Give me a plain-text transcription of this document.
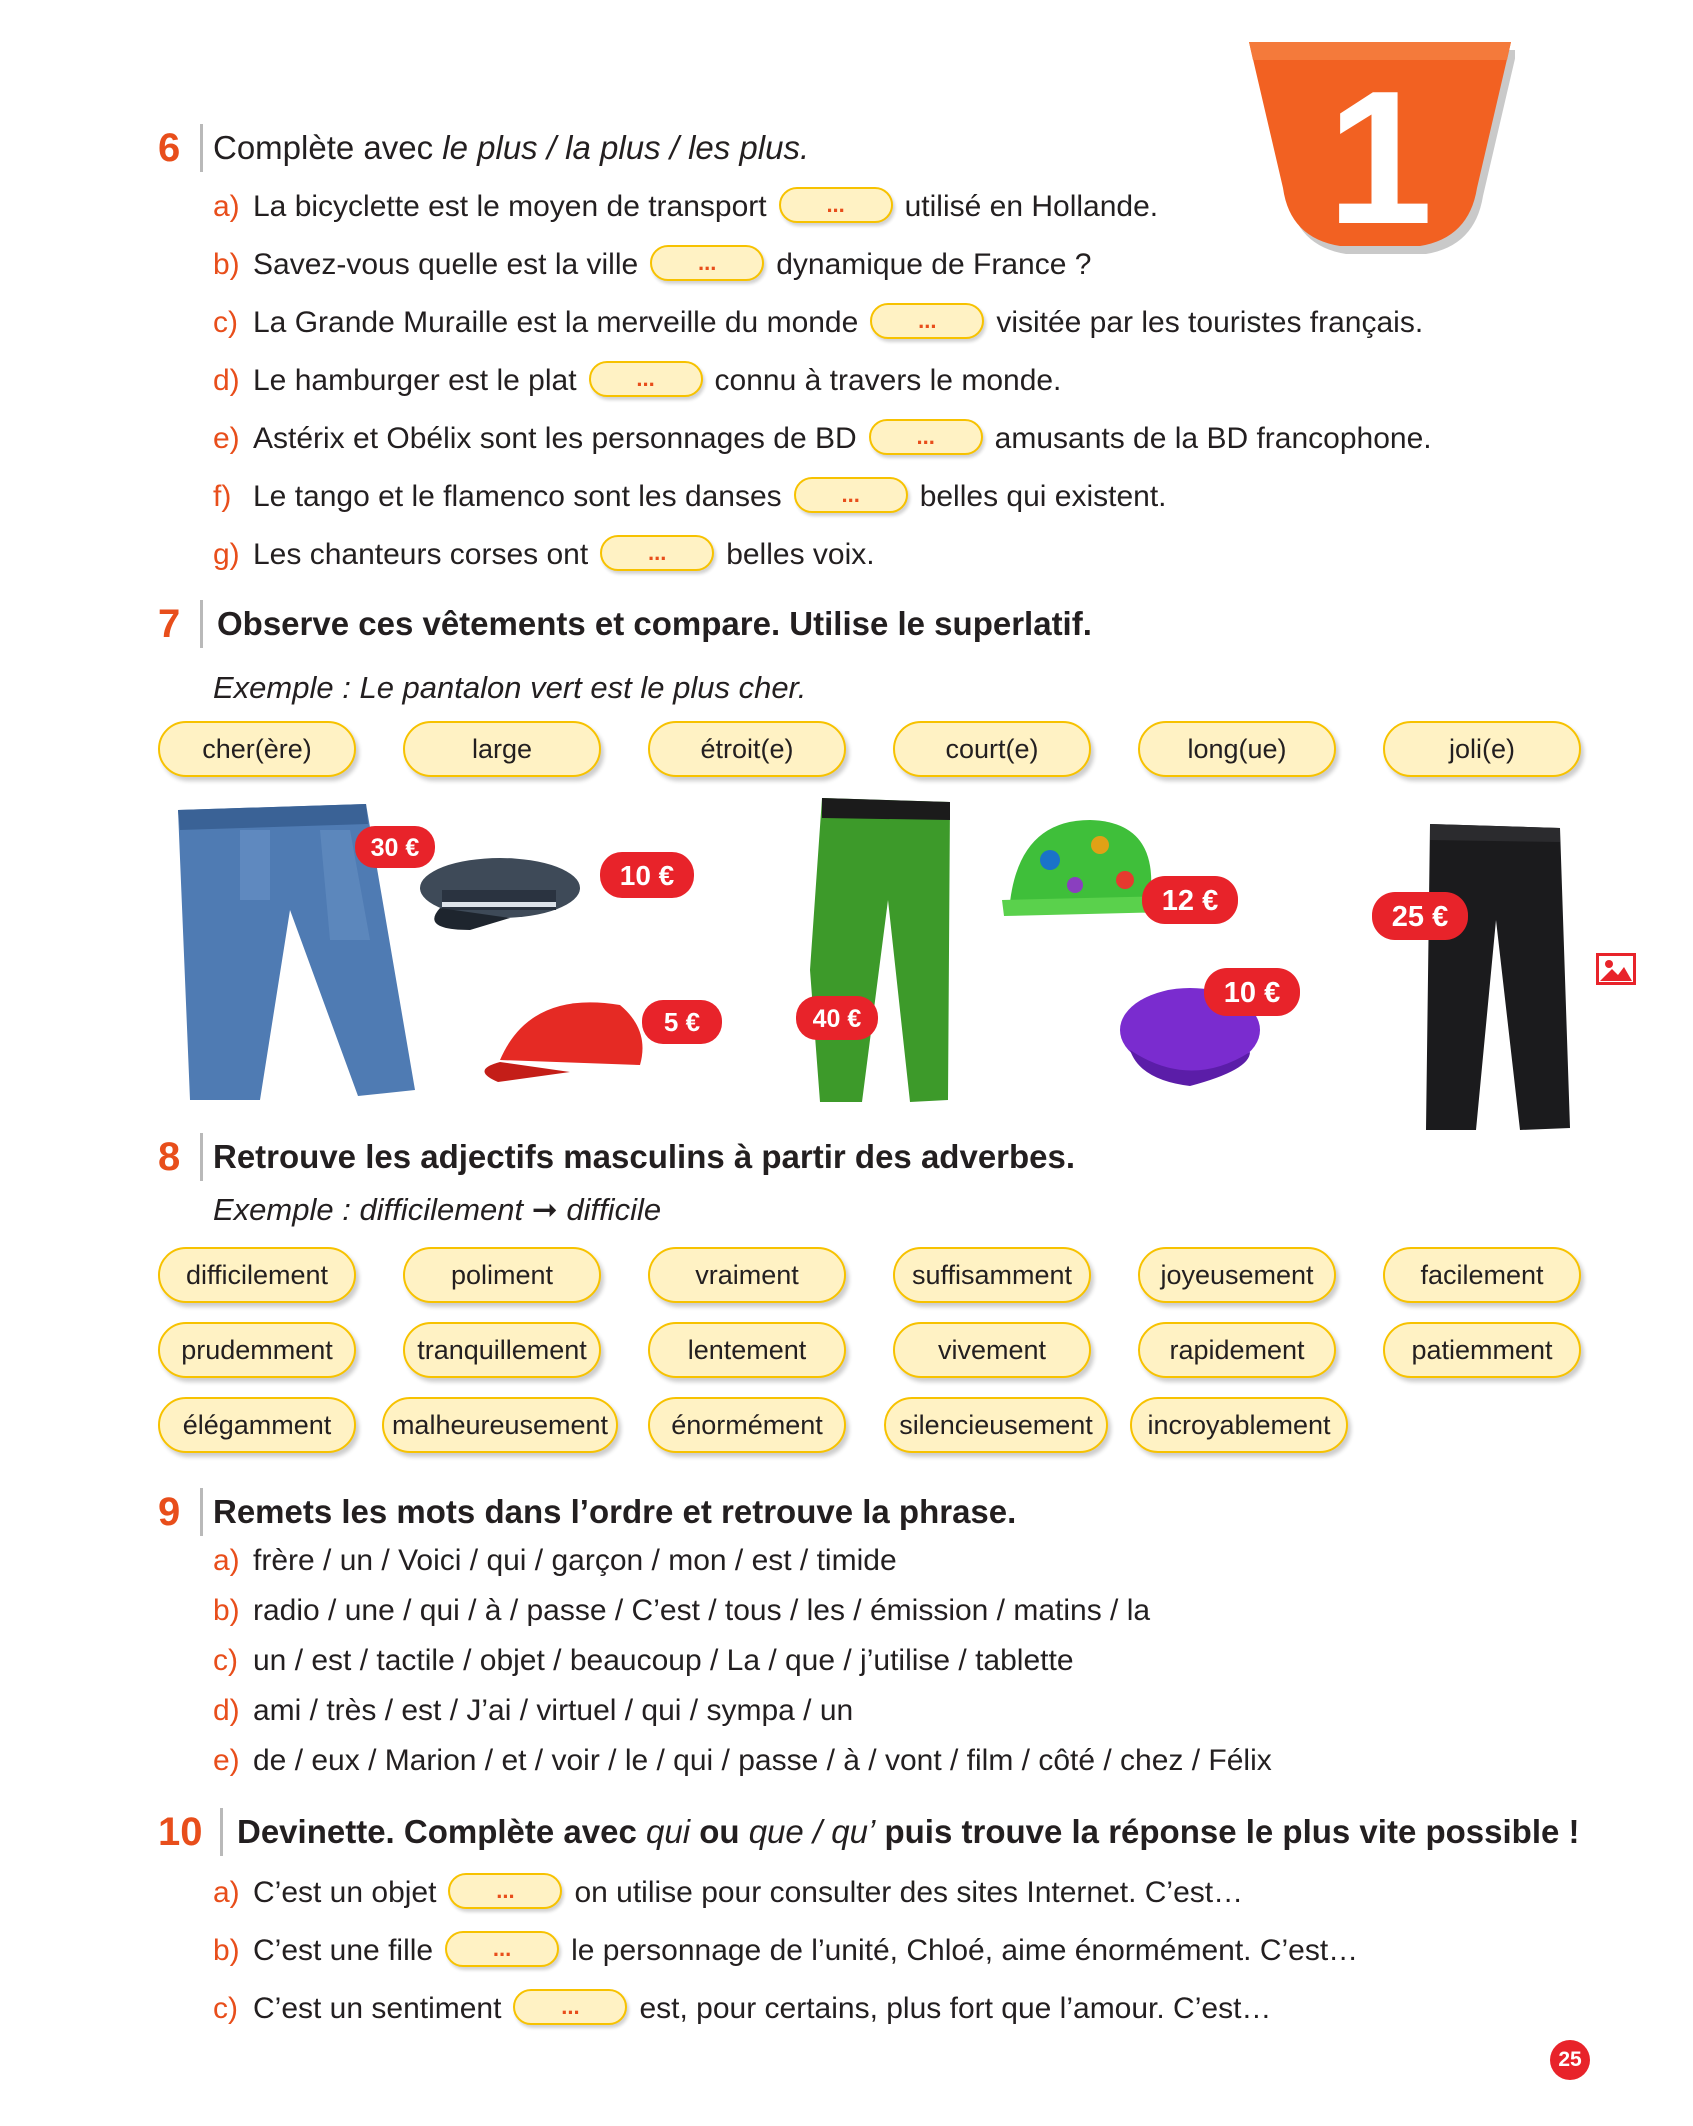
1
6 Complète avec le plus / la plus / les plus.
a) La bicyclette est le moyen de transport	... utilisé en Hollande.
b) Savez-vous quelle est la ville	... dynamique de France ?
c) La Grande Muraille est la merveille du monde	... visitée par les touristes français.
d) Le hamburger est le plat	... connu à travers le monde.
e) Astérix et Obélix sont les personnages de BD	... amusants de la BD francophone.
f) Le tango et le flamenco sont les danses	... belles qui existent.
g) Les chanteurs corses ont	... belles voix.
7 Observe ces vêtements et compare. Utilise le superlatif.
Exemple : Le pantalon vert est le plus cher.
cher(ère)	large	étroit(e)	court(e)	long(ue)	joli(e)
30 €
10 €
5 €	40 €
12 €
10 €
25 €
8 Retrouve les adjectifs masculins à partir des adverbes.
Exemple : difficilement ➞ difficile
difficilement	poliment	vraiment	suffisamment	joyeusement	facilement
prudemment	tranquillement	lentement	vivement	rapidement	patiemment
élégamment	malheureusement	énormément	silencieusement	incroyablement
9 Remets les mots dans l’ordre et retrouve la phrase.
a) frère / un / Voici / qui / garçon / mon / est / timide
b) radio / une / qui / à / passe / C’est / tous / les / émission / matins / la
c) un / est / tactile / objet / beaucoup / La / que / j’utilise / tablette
d) ami / très / est / J’ai / virtuel / qui / sympa / un
e) de / eux / Marion / et / voir / le / qui / passe / à / vont / film / côté / chez / Félix
10 Devinette. Complète avec qui ou que / qu’ puis trouve la réponse le plus vite possible !
a) C’est un objet	... on utilise pour consulter des sites Internet. C’est…
b) C’est une fille	... le personnage de l’unité, Chloé, aime énormément. C’est…
c) C’est un sentiment	... est, pour certains, plus fort que l’amour. C’est…
25
